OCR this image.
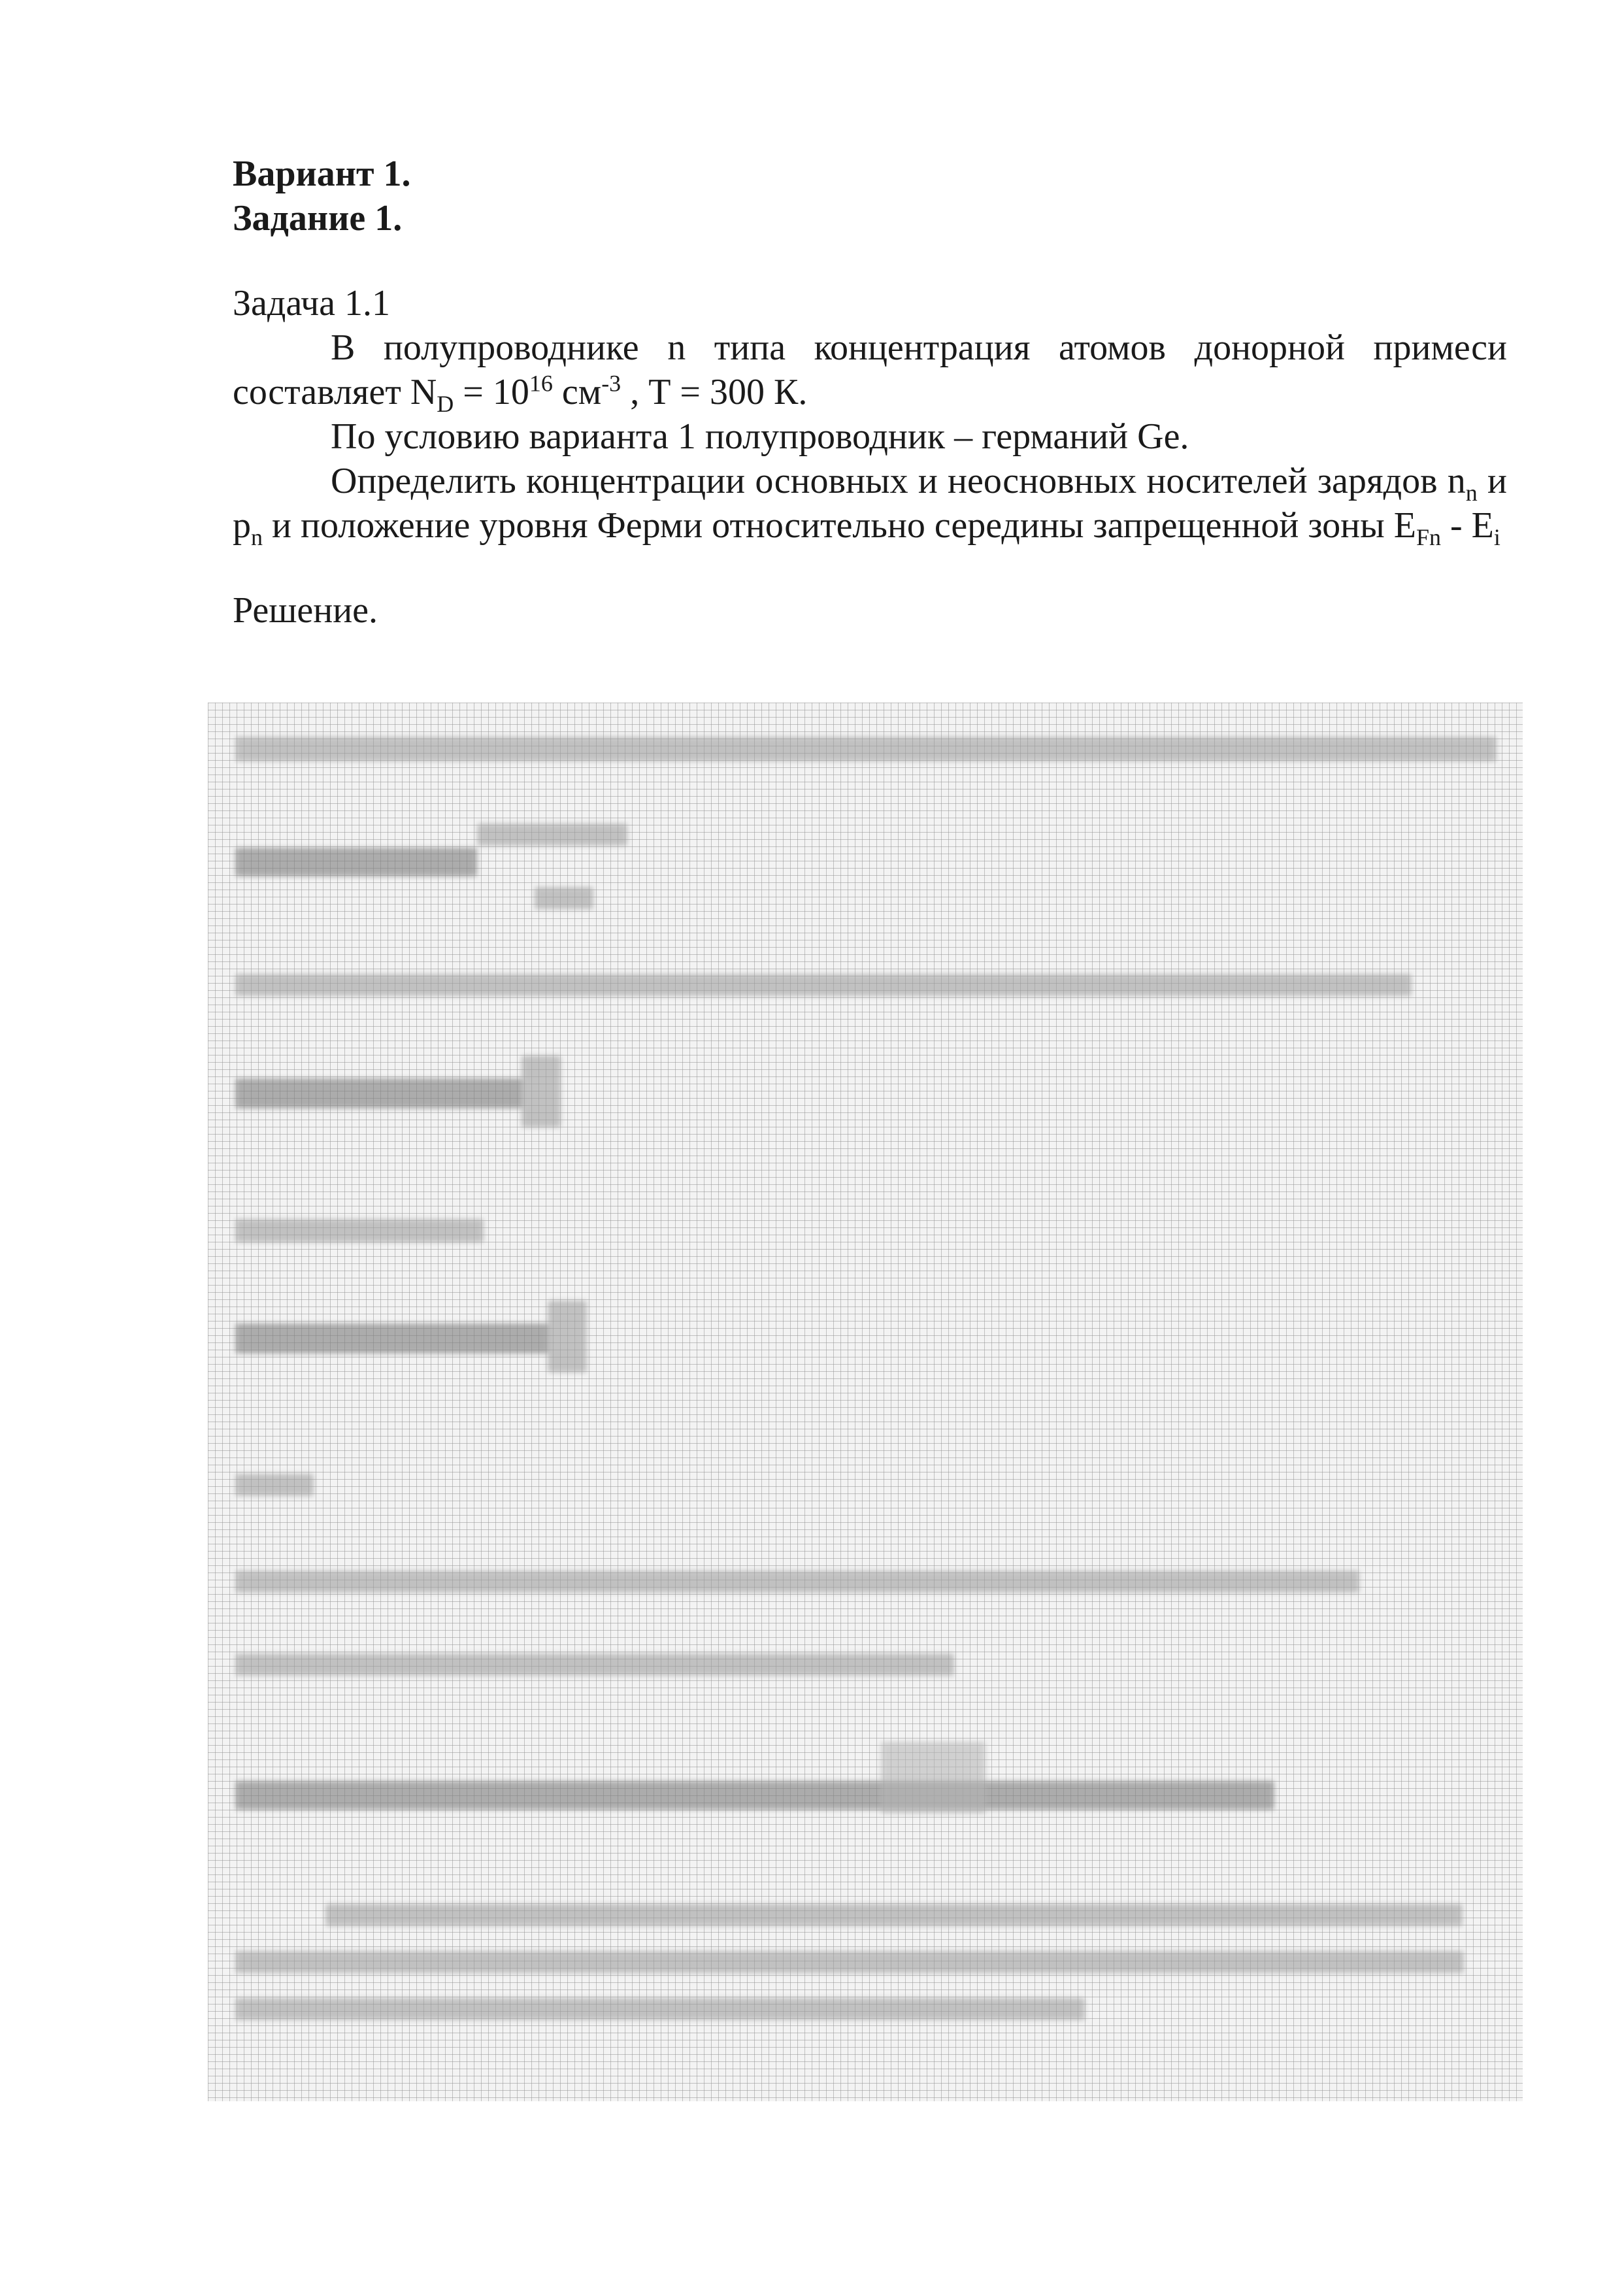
Вариант 1.

Задание 1.

Задача 1.1

В полупроводнике n типа концентрация атомов донорной примеси составляет $N_D = 10^{16}$ $см^{-3}$ , Т = 300 К.

По условию варианта 1 полупроводник – германий Ge.

Определить концентрации основных и неосновных носителей зарядов $n_n$ и $p_n$ и положение уровня Ферми относительно середины запрещенной зоны $E_{Fn} - E_i$

Решение.
